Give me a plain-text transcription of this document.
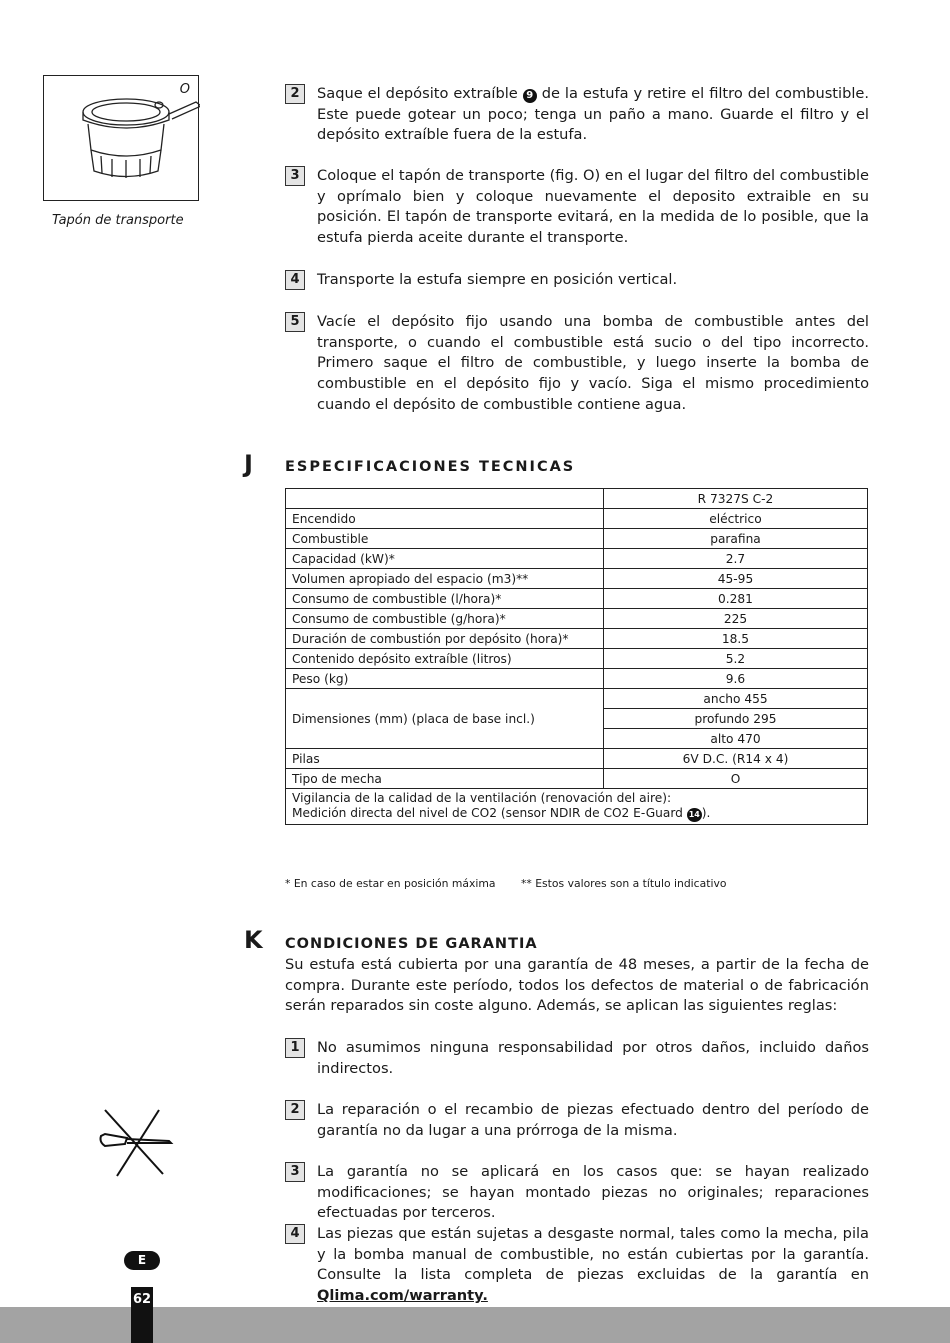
O
Tapón de transporte
2	Saque el depósito extraíble 9 de la estufa y retire el filtro del combustible. Este puede gotear un poco; tenga un paño a mano. Guarde el filtro y el depósito extraíble fuera de la estufa.
3	Coloque el tapón de transporte (fig. O) en el lugar del filtro del combustible y oprímalo bien y coloque nuevamente el deposito extraible en su posición. El tapón de transporte evitará, en la medida de lo posible, que la estufa pierda aceite durante el transporte.
4	Transporte la estufa siempre en posición vertical.
5	Vacíe el depósito fijo usando una bomba de combustible antes del transporte, o cuando el combustible está sucio o del tipo incorrecto. Primero saque el filtro de combustible, y luego inserte la bomba de combustible en el depósito fijo y vacío. Siga el mismo procedimiento cuando el depósito de combustible contiene agua.
J ESPECIFICACIONES TECNICAS
	R 7327S C-2
Encendido	eléctrico
Combustible	parafina
Capacidad (kW)*	2.7
Volumen apropiado del espacio (m3)**	45-95
Consumo de combustible (l/hora)*	0.281
Consumo de combustible (g/hora)*	225
Duración de combustión por depósito (hora)*	18.5
Contenido depósito extraíble (litros)	5.2
Peso (kg)	9.6
Dimensiones (mm) (placa de base incl.)	ancho 455
	profundo 295
	alto 470
Pilas	6V D.C. (R14 x 4)
Tipo de mecha	O
Vigilancia de la calidad de la ventilación (renovación del aire):
Medición directa del nivel de CO2 (sensor NDIR de CO2 E-Guard 14 ).	
* En caso de estar en posición máxima ** Estos valores son a título indicativo
K CONDICIONES DE GARANTIA
Su estufa está cubierta por una garantía de 48 meses, a partir de la fecha de compra. Durante este período, todos los defectos de material o de fabricación serán reparados sin coste alguno. Además, se aplican las siguientes reglas:
1	No asumimos ninguna responsabilidad por otros daños, incluido daños indirectos.
2	La reparación o el recambio de piezas efectuado dentro del período de garantía no da lugar a una prórroga de la misma.
3	La garantía no se aplicará en los casos que: se hayan realizado modificaciones; se hayan montado piezas no originales; reparaciones efectuadas por terceros.
4	Las piezas que están sujetas a desgaste normal, tales como la mecha, pila y la bomba manual de combustible, no están cubiertas por la garantía. Consulte la lista completa de piezas excluidas de la garantía en Qlima.com/warranty.
E
62
